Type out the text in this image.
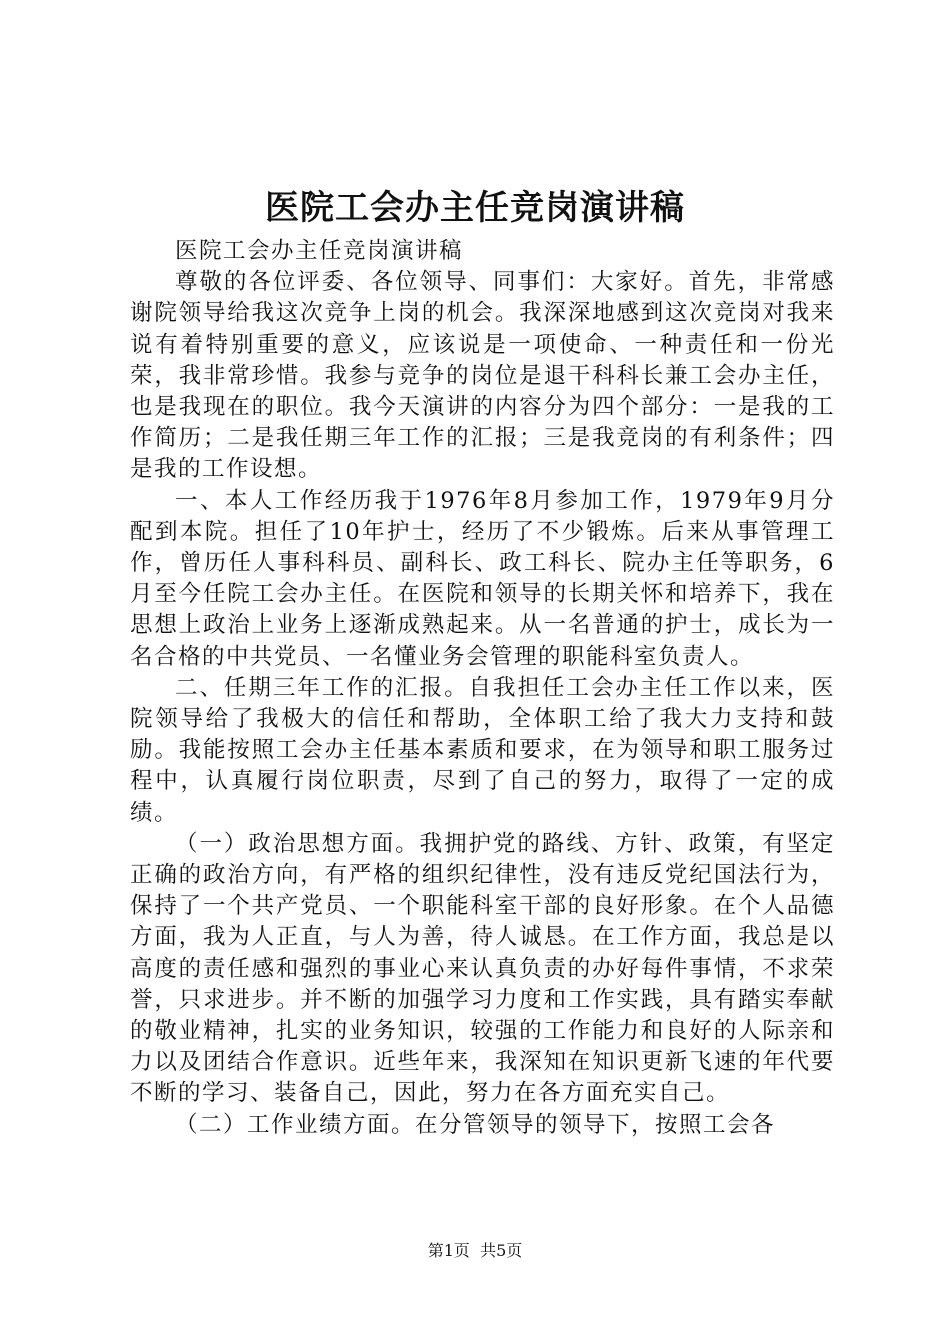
医院工会办主任竞岗演讲稿

医院工会办主任竞岗演讲稿

尊敬的各位评委、各位领导、同事们：大家好。首先，非常感谢院领导给我这次竞争上岗的机会。我深深地感到这次竞岗对我来说有着特别重要的意义，应该说是一项使命、一种责任和一份光荣，我非常珍惜。我参与竞争的岗位是退干科科长兼工会办主任，也是我现在的职位。我今天演讲的内容分为四个部分：一是我的工作简历；二是我任期三年工作的汇报；三是我竞岗的有利条件；四是我的工作设想。

一、本人工作经历我于1976年8月参加工作，1979年9月分配到本院。担任了10年护士，经历了不少锻炼。后来从事管理工作，曾历任人事科科员、副科长、政工科长、院办主任等职务，6月至今任院工会办主任。在医院和领导的长期关怀和培养下，我在思想上政治上业务上逐渐成熟起来。从一名普通的护士，成长为一名合格的中共党员、一名懂业务会管理的职能科室负责人。

二、任期三年工作的汇报。自我担任工会办主任工作以来，医院领导给了我极大的信任和帮助，全体职工给了我大力支持和鼓励。我能按照工会办主任基本素质和要求，在为领导和职工服务过程中，认真履行岗位职责，尽到了自己的努力，取得了一定的成绩。

（一）政治思想方面。我拥护党的路线、方针、政策，有坚定正确的政治方向，有严格的组织纪律性，没有违反党纪国法行为，保持了一个共产党员、一个职能科室干部的良好形象。在个人品德方面，我为人正直，与人为善，待人诚恳。在工作方面，我总是以高度的责任感和强烈的事业心来认真负责的办好每件事情，不求荣誉，只求进步。并不断的加强学习力度和工作实践，具有踏实奉献的敬业精神，扎实的业务知识，较强的工作能力和良好的人际亲和力以及团结合作意识。近些年来，我深知在知识更新飞速的年代要不断的学习、装备自己，因此，努力在各方面充实自己。

（二）工作业绩方面。在分管领导的领导下，按照工会各

第1页 共5页
